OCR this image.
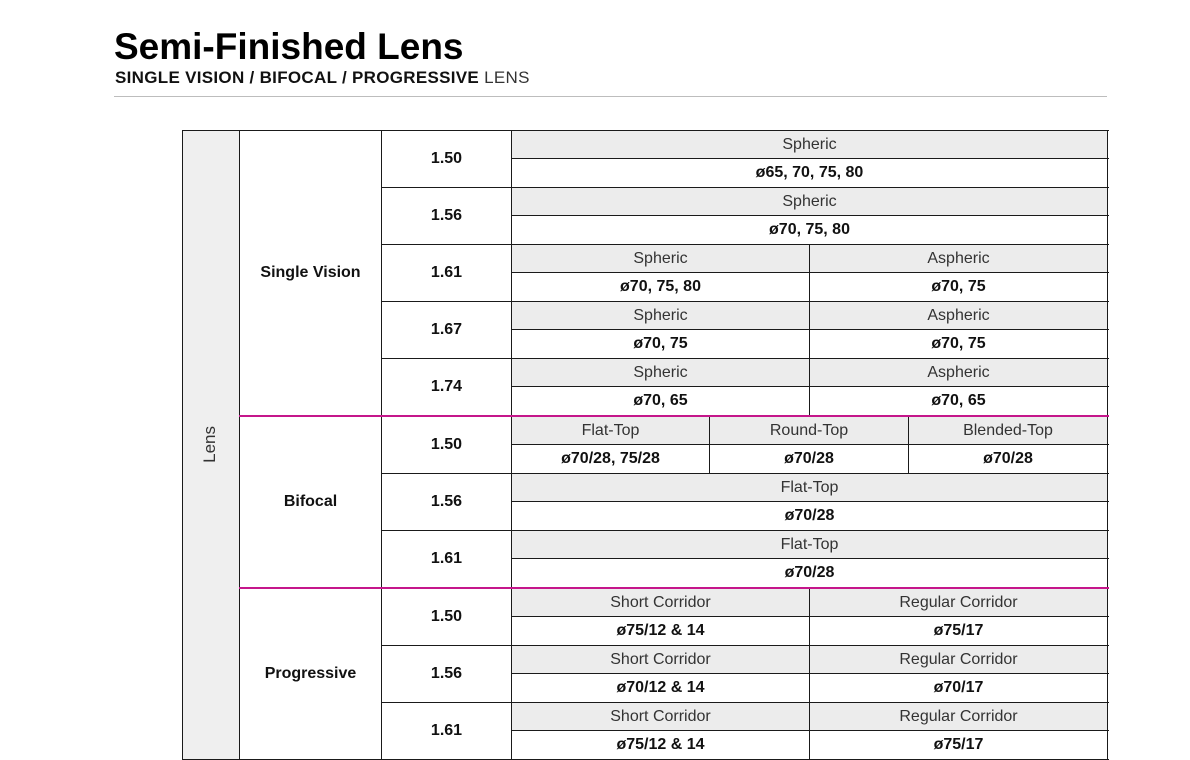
Semi-Finished Lens
SINGLE VISION / BIFOCAL / PROGRESSIVE LENS
Lens	Single Vision	1.50	Spheric			
			ø65, 70, 75, 80			
		1.56	Spheric			
			ø70, 75, 80			
		1.61	Spheric		Aspheric	
			ø70, 75, 80		ø70, 75	
		1.67	Spheric		Aspheric	
			ø70, 75		ø70, 75	
		1.74	Spheric		Aspheric	
			ø70, 65		ø70, 65	
	Bifocal	1.50	Flat-Top	Round-Top		Blended-Top
			ø70/28, 75/28	ø70/28		ø70/28
		1.56	Flat-Top			
			ø70/28			
		1.61	Flat-Top			
			ø70/28			
	Progressive	1.50	Short Corridor		Regular Corridor	
			ø75/12 & 14		ø75/17	
		1.56	Short Corridor		Regular Corridor	
			ø70/12 & 14		ø70/17	
		1.61	Short Corridor		Regular Corridor	
			ø75/12 & 14		ø75/17	
